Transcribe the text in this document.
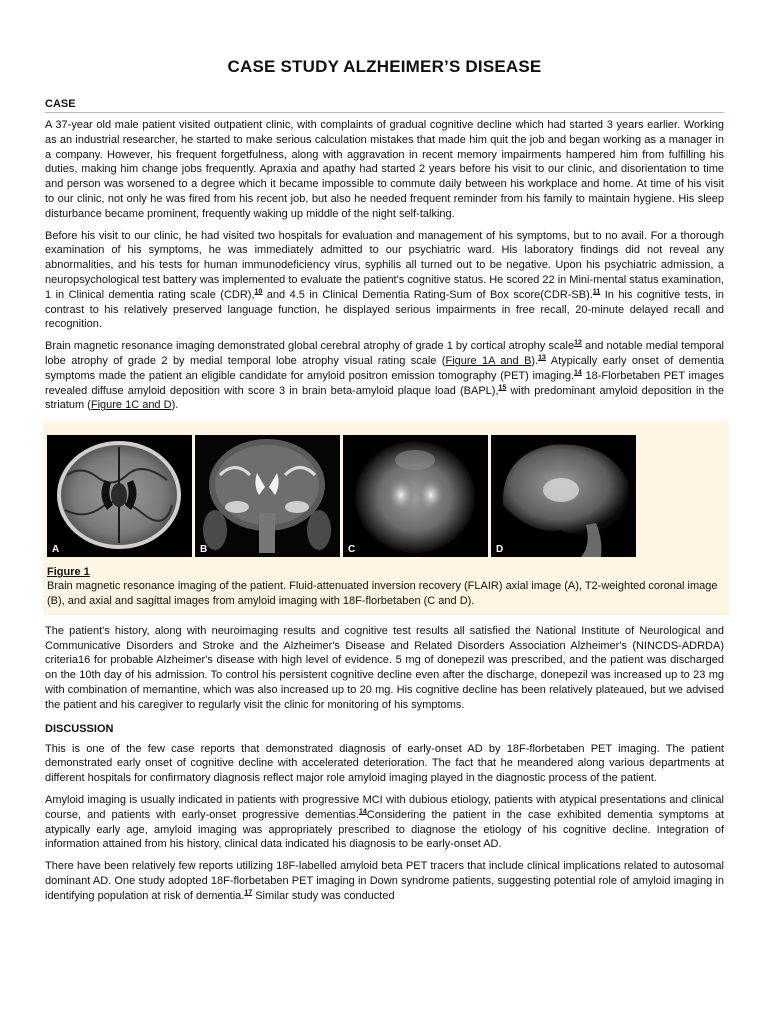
CASE STUDY ALZHEIMER’S DISEASE
CASE

A 37-year old male patient visited outpatient clinic, with complaints of gradual cognitive decline which had started 3 years earlier. Working as an industrial researcher, he started to make serious calculation mistakes that made him quit the job and began working as a manager in a company. However, his frequent forgetfulness, along with aggravation in recent memory impairments hampered him from fulfilling his duties, making him change jobs frequently. Apraxia and apathy had started 2 years before his visit to our clinic, and disorientation to time and person was worsened to a degree which it became impossible to commute daily between his workplace and home. At time of his visit to our clinic, not only he was fired from his recent job, but also he needed frequent reminder from his family to maintain hygiene. His sleep disturbance became prominent, frequently waking up middle of the night self-talking.

Before his visit to our clinic, he had visited two hospitals for evaluation and management of his symptoms, but to no avail. For a thorough examination of his symptoms, he was immediately admitted to our psychiatric ward. His laboratory findings did not reveal any abnormalities, and his tests for human immunodeficiency virus, syphilis all turned out to be negative. Upon his psychiatric admission, a neuropsychological test battery was implemented to evaluate the patient's cognitive status. He scored 22 in Mini-mental status examination, 1 in Clinical dementia rating scale (CDR),$^{10}$ and 4.5 in Clinical Dementia Rating-Sum of Box score(CDR-SB).$^{11}$ In his cognitive tests, in contrast to his relatively preserved language function, he displayed serious impairments in free recall, 20-minute delayed recall and recognition.

Brain magnetic resonance imaging demonstrated global cerebral atrophy of grade 1 by cortical atrophy scale$^{12}$ and notable medial temporal lobe atrophy of grade 2 by medial temporal lobe atrophy visual rating scale (Figure 1A and B).$^{13}$ Atypically early onset of dementia symptoms made the patient an eligible candidate for amyloid positron emission tomography (PET) imaging.$^{14}$ 18-Florbetaben PET images revealed diffuse amyloid deposition with score 3 in brain beta-amyloid plaque load (BAPL),$^{15}$ with predominant amyloid deposition in the striatum (Figure 1C and D).

A	B	C	D
Figure 1
Brain magnetic resonance imaging of the patient. Fluid-attenuated inversion recovery (FLAIR) axial image (A), T2-weighted coronal image (B), and axial and sagittal images from amyloid imaging with 18F-florbetaben (C and D).

The patient's history, along with neuroimaging results and cognitive test results all satisfied the National Institute of Neurological and Communicative Disorders and Stroke and the Alzheimer's Disease and Related Disorders Association Alzheimer's (NINCDS-ADRDA) criteria16 for probable Alzheimer's disease with high level of evidence. 5 mg of donepezil was prescribed, and the patient was discharged on the 10th day of his admission. To control his persistent cognitive decline even after the discharge, donepezil was increased up to 23 mg with combination of memantine, which was also increased up to 20 mg. His cognitive decline has been relatively plateaued, but we advised the patient and his caregiver to regularly visit the clinic for monitoring of his symptoms.

DISCUSSION

This is one of the few case reports that demonstrated diagnosis of early-onset AD by 18F-florbetaben PET imaging. The patient demonstrated early onset of cognitive decline with accelerated deterioration. The fact that he meandered along various departments at different hospitals for confirmatory diagnosis reflect major role amyloid imaging played in the diagnostic process of the patient.

Amyloid imaging is usually indicated in patients with progressive MCI with dubious etiology, patients with atypical presentations and clinical course, and patients with early-onset progressive dementias.$^{14}$Considering the patient in the case exhibited dementia symptoms at atypically early age, amyloid imaging was appropriately prescribed to diagnose the etiology of his cognitive decline. Integration of information attained from his history, clinical data indicated his diagnosis to be early-onset AD.

There have been relatively few reports utilizing 18F-labelled amyloid beta PET tracers that include clinical implications related to autosomal dominant AD. One study adopted 18F-florbetaben PET imaging in Down syndrome patients, suggesting potential role of amyloid imaging in identifying population at risk of dementia.$^{17}$ Similar study was conducted
